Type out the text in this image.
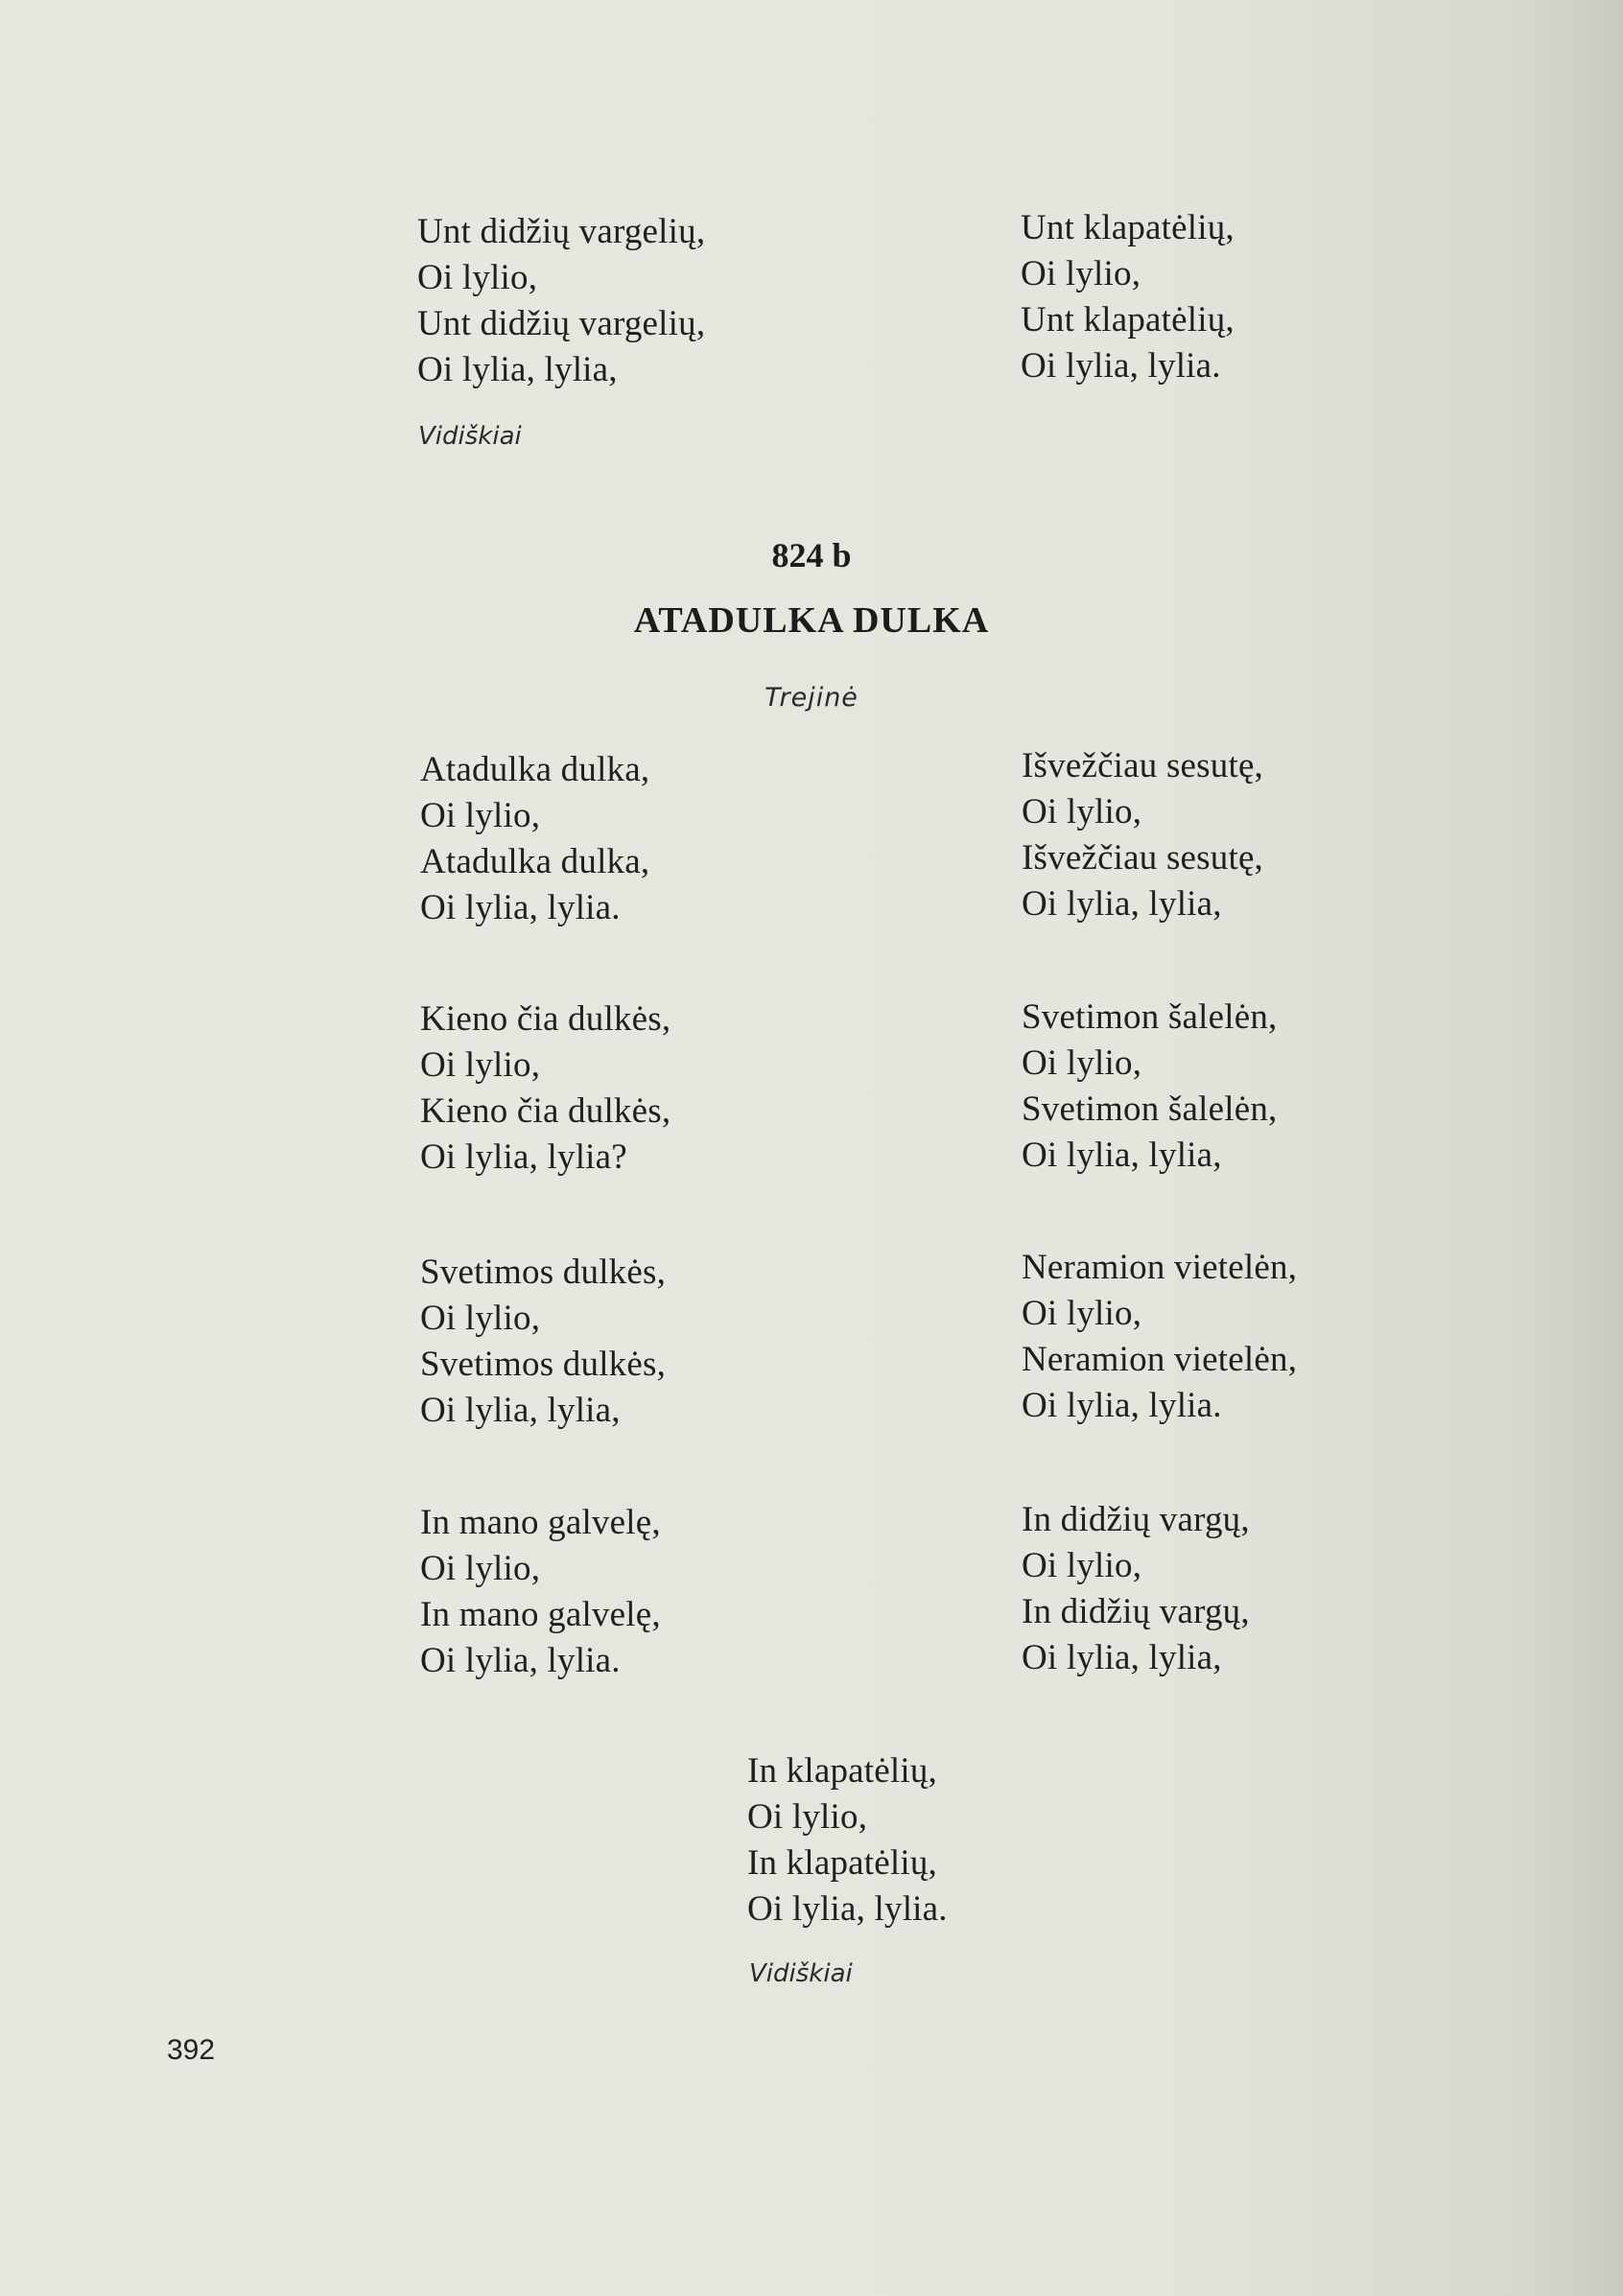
Unt didžių vargelių,
Oi lylio,
Unt didžių vargelių,
Oi lylia, lylia,
Unt klapatėlių,
Oi lylio,
Unt klapatėlių,
Oi lylia, lylia.
Vidiškiai
824 b
ATADULKA DULKA
Trejinė
Atadulka dulka,
Oi lylio,
Atadulka dulka,
Oi lylia, lylia.
Išvežčiau sesutę,
Oi lylio,
Išvežčiau sesutę,
Oi lylia, lylia,
Kieno čia dulkės,
Oi lylio,
Kieno čia dulkės,
Oi lylia, lylia?
Svetimon šalelėn,
Oi lylio,
Svetimon šalelėn,
Oi lylia, lylia,
Svetimos dulkės,
Oi lylio,
Svetimos dulkės,
Oi lylia, lylia,
Neramion vietelėn,
Oi lylio,
Neramion vietelėn,
Oi lylia, lylia.
In mano galvelę,
Oi lylio,
In mano galvelę,
Oi lylia, lylia.
In didžių vargų,
Oi lylio,
In didžių vargų,
Oi lylia, lylia,
In klapatėlių,
Oi lylio,
In klapatėlių,
Oi lylia, lylia.
Vidiškiai
392
